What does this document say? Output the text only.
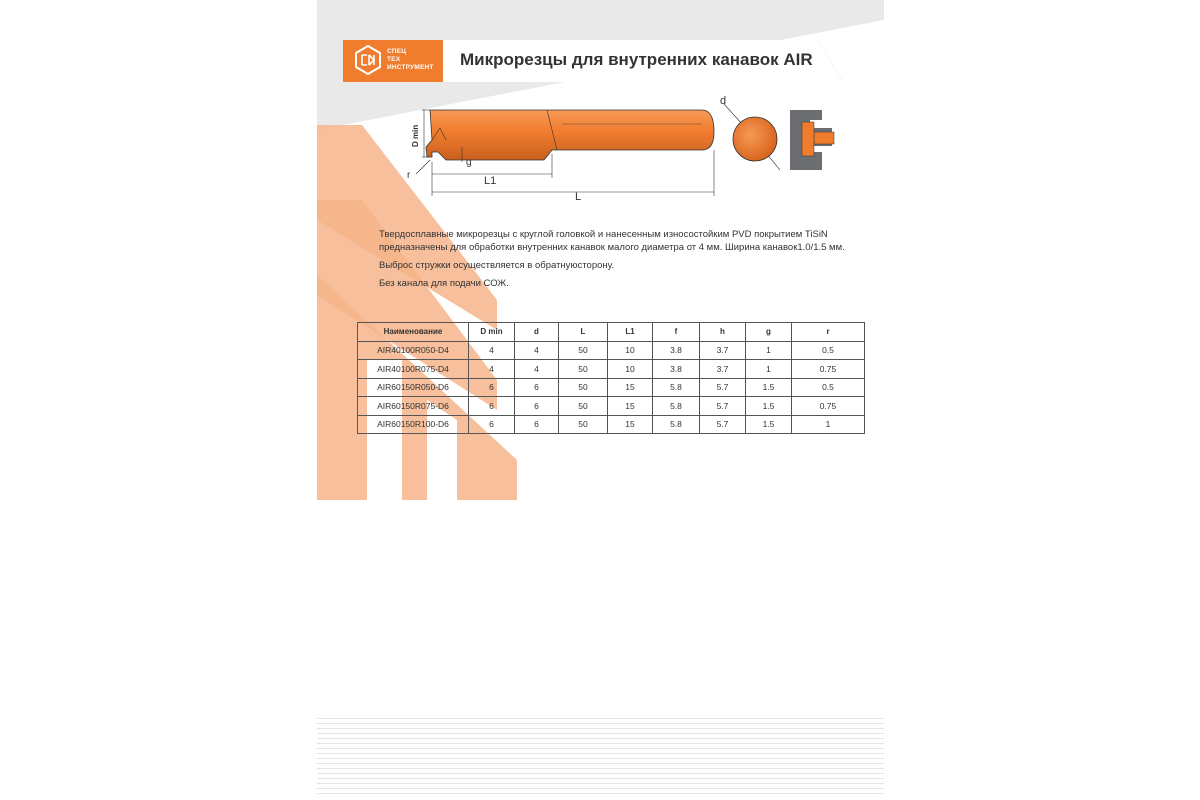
СПЕЦ
ТЕХ
ИНСТРУМЕНТ Микрорезцы для внутренних канавок AIR
D min
g
r	L1
L
d

Твердосплавные микрорезцы с круглой головкой и нанесенным износостойким PVD покрытием TiSiN предназначены для обработки внутренних канавок малого диаметра от 4 мм. Ширина канавок1.0/1.5 мм.

Выброс стружки осуществляется в обратнуюсторону.

Без канала для подачи СОЖ.

Наименование	D min	d	L	L1	f	h	g	r
AIR40100R050-D4	4	4	50	10	3.8	3.7	1	0.5
AIR40100R075-D4	4	4	50	10	3.8	3.7	1	0.75
AIR60150R050-D6	6	6	50	15	5.8	5.7	1.5	0.5
AIR60150R075-D6	6	6	50	15	5.8	5.7	1.5	0.75
AIR60150R100-D6	6	6	50	15	5.8	5.7	1.5	1
